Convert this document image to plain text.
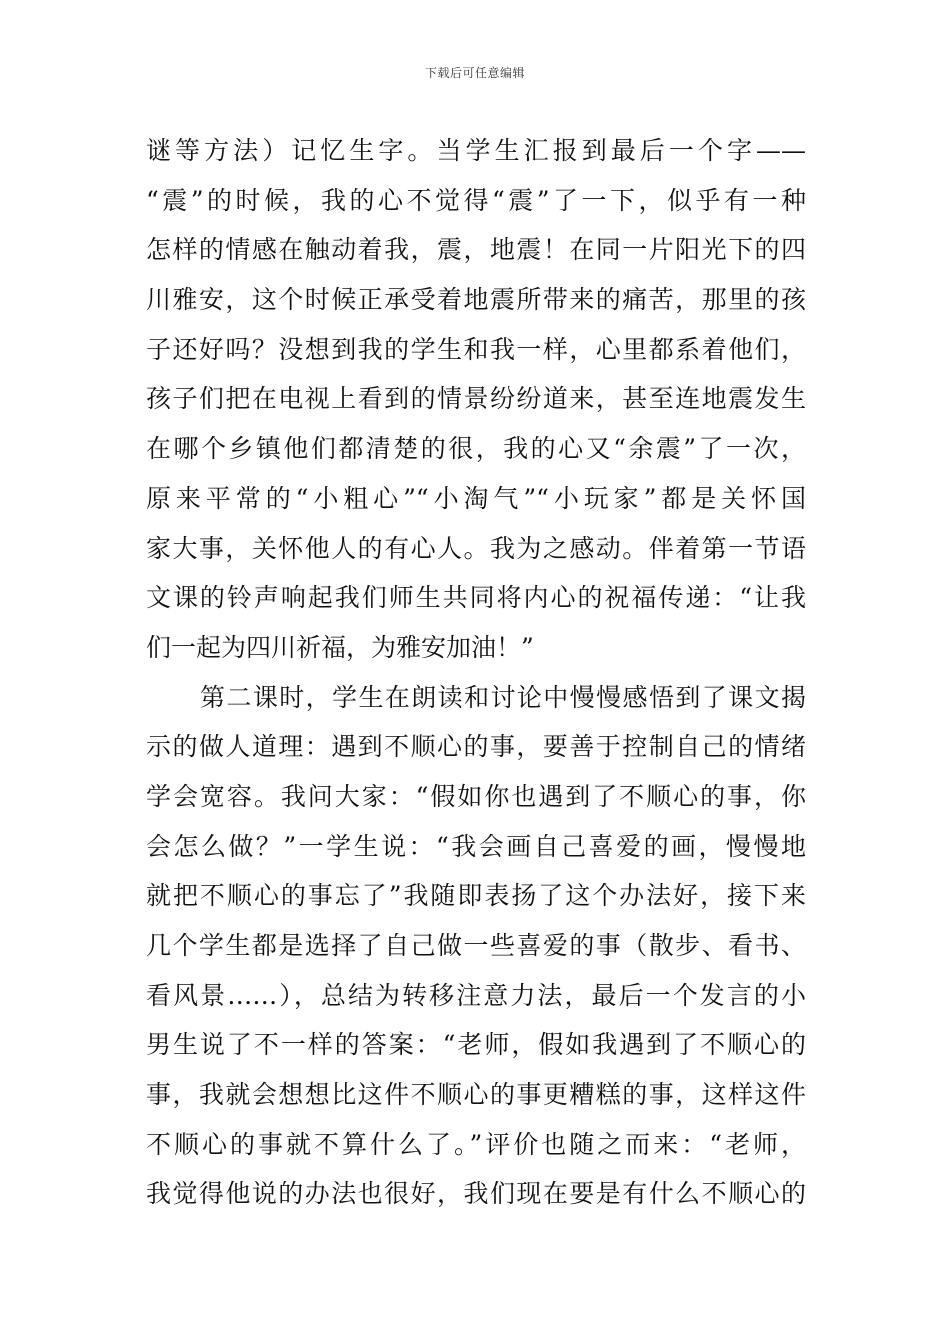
下载后可任意编辑
谜等方法）记忆生字。当学生汇报到最后一个字——
“震”的时候，我的心不觉得“震”了一下，似乎有一种
怎样的情感在触动着我，震，地震！在同一片阳光下的四
川雅安，这个时候正承受着地震所带来的痛苦，那里的孩
子还好吗？没想到我的学生和我一样，心里都系着他们，
孩子们把在电视上看到的情景纷纷道来，甚至连地震发生
在哪个乡镇他们都清楚的很，我的心又“余震”了一次，
原来平常的“小粗心”“小淘气”“小玩家”都是关怀国
家大事，关怀他人的有心人。我为之感动。伴着第一节语
文课的铃声响起我们师生共同将内心的祝福传递：“让我
们一起为四川祈福，为雅安加油！”
第二课时，学生在朗读和讨论中慢慢感悟到了课文揭
示的做人道理：遇到不顺心的事，要善于控制自己的情绪
学会宽容。我问大家：“假如你也遇到了不顺心的事，你
会怎么做？”一学生说：“我会画自己喜爱的画，慢慢地
就把不顺心的事忘了”我随即表扬了这个办法好，接下来
几个学生都是选择了自己做一些喜爱的事（散步、看书、
看风景……），总结为转移注意力法，最后一个发言的小
男生说了不一样的答案：“老师，假如我遇到了不顺心的
事，我就会想想比这件不顺心的事更糟糕的事，这样这件
不顺心的事就不算什么了。”评价也随之而来：“老师，
我觉得他说的办法也很好，我们现在要是有什么不顺心的
